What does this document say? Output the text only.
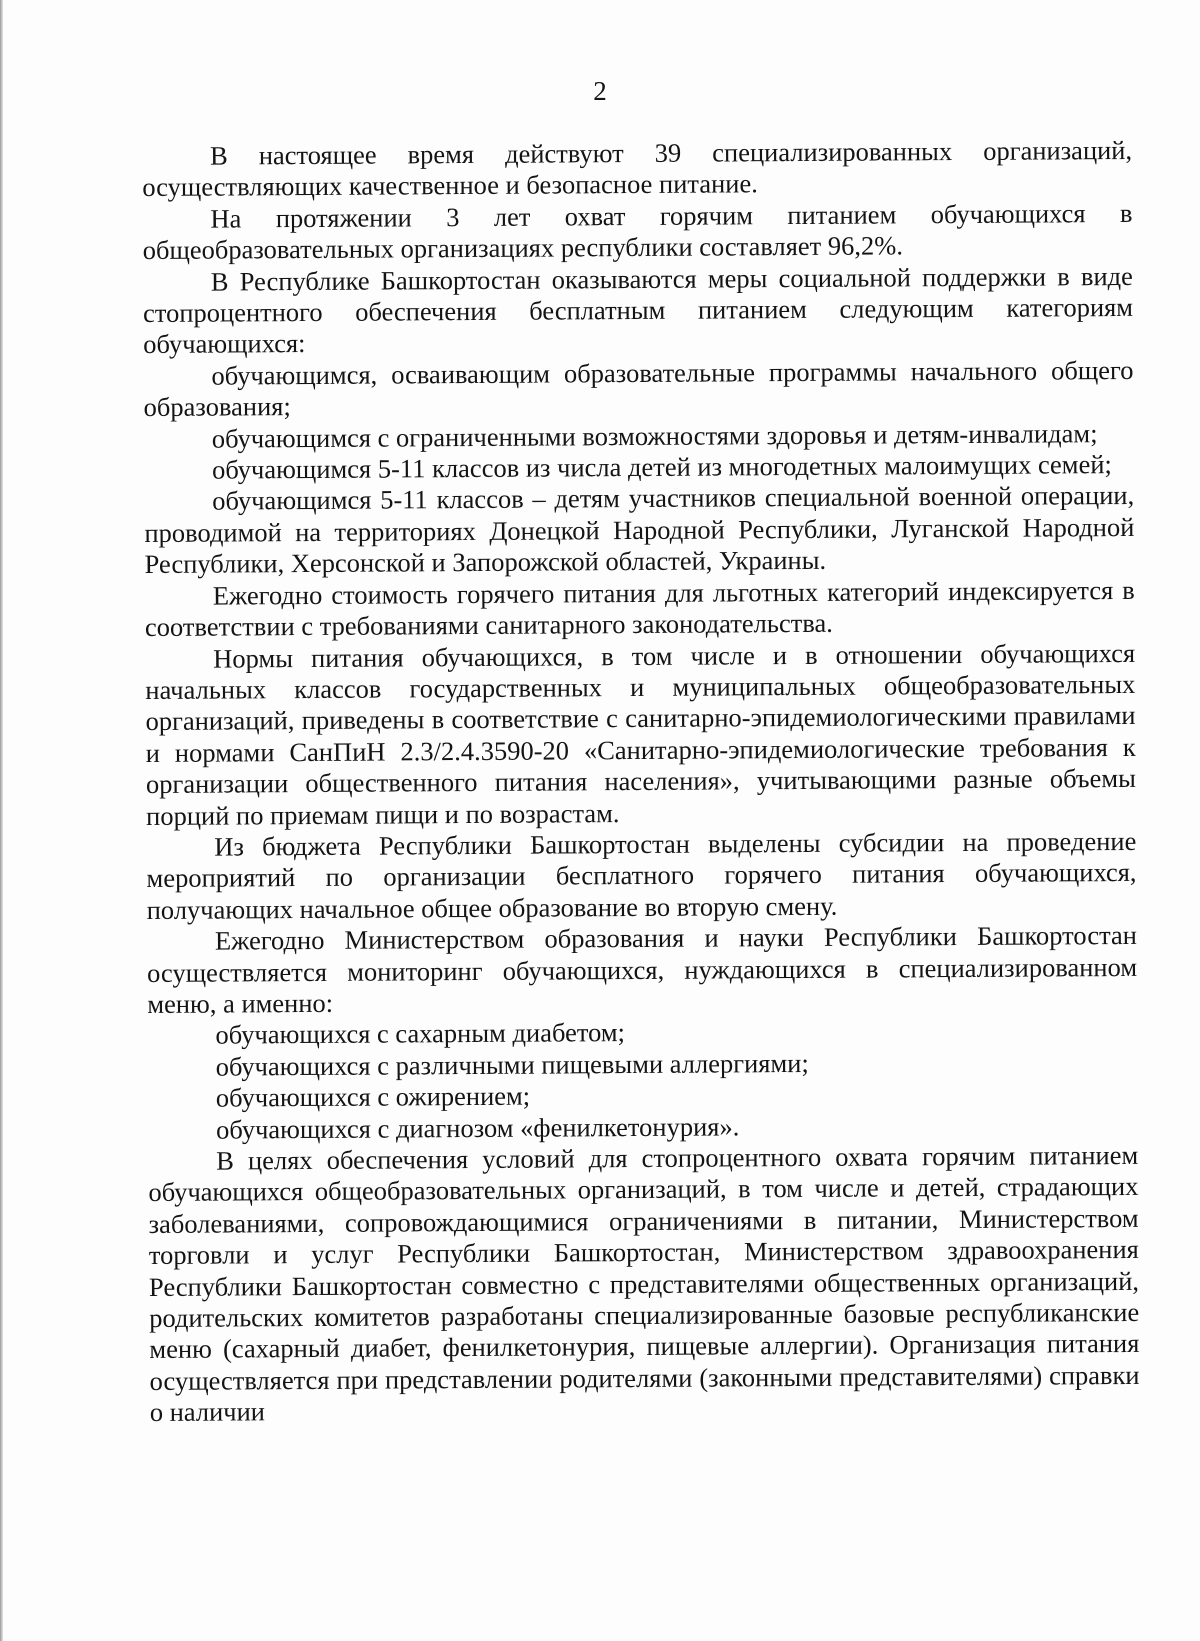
2

В настоящее время действуют 39 специализированных организаций, осуществляющих качественное и безопасное питание.

На протяжении 3 лет охват горячим питанием обучающихся в общеобразовательных организациях республики составляет 96,2%.

В Республике Башкортостан оказываются меры социальной поддержки в виде стопроцентного обеспечения бесплатным питанием следующим категориям обучающихся:

обучающимся, осваивающим образовательные программы начального общего образования;

обучающимся с ограниченными возможностями здоровья и детям-инвалидам;

обучающимся 5-11 классов из числа детей из многодетных малоимущих семей;

обучающимся 5-11 классов – детям участников специальной военной операции, проводимой на территориях Донецкой Народной Республики, Луганской Народной Республики, Херсонской и Запорожской областей, Украины.

Ежегодно стоимость горячего питания для льготных категорий индексируется в соответствии с требованиями санитарного законодательства.

Нормы питания обучающихся, в том числе и в отношении обучающихся начальных классов государственных и муниципальных общеобразовательных организаций, приведены в соответствие с санитарно-эпидемиологическими правилами и нормами СанПиН 2.3/2.4.3590-20 «Санитарно-эпидемиологические требования к организации общественного питания населения», учитывающими разные объемы порций по приемам пищи и по возрастам.

Из бюджета Республики Башкортостан выделены субсидии на проведение мероприятий по организации бесплатного горячего питания обучающихся, получающих начальное общее образование во вторую смену.

Ежегодно Министерством образования и науки Республики Башкортостан осуществляется мониторинг обучающихся, нуждающихся в специализированном меню, а именно:

обучающихся с сахарным диабетом;

обучающихся с различными пищевыми аллергиями;

обучающихся с ожирением;

обучающихся с диагнозом «фенилкетонурия».

В целях обеспечения условий для стопроцентного охвата горячим питанием обучающихся общеобразовательных организаций, в том числе и детей, страдающих заболеваниями, сопровождающимися ограничениями в питании, Министерством торговли и услуг Республики Башкортостан, Министерством здравоохранения Республики Башкортостан совместно с представителями общественных организаций, родительских комитетов разработаны специализированные базовые республиканские меню (сахарный диабет, фенилкетонурия, пищевые аллергии). Организация питания осуществляется при представлении родителями (законными представителями) справки о наличии
